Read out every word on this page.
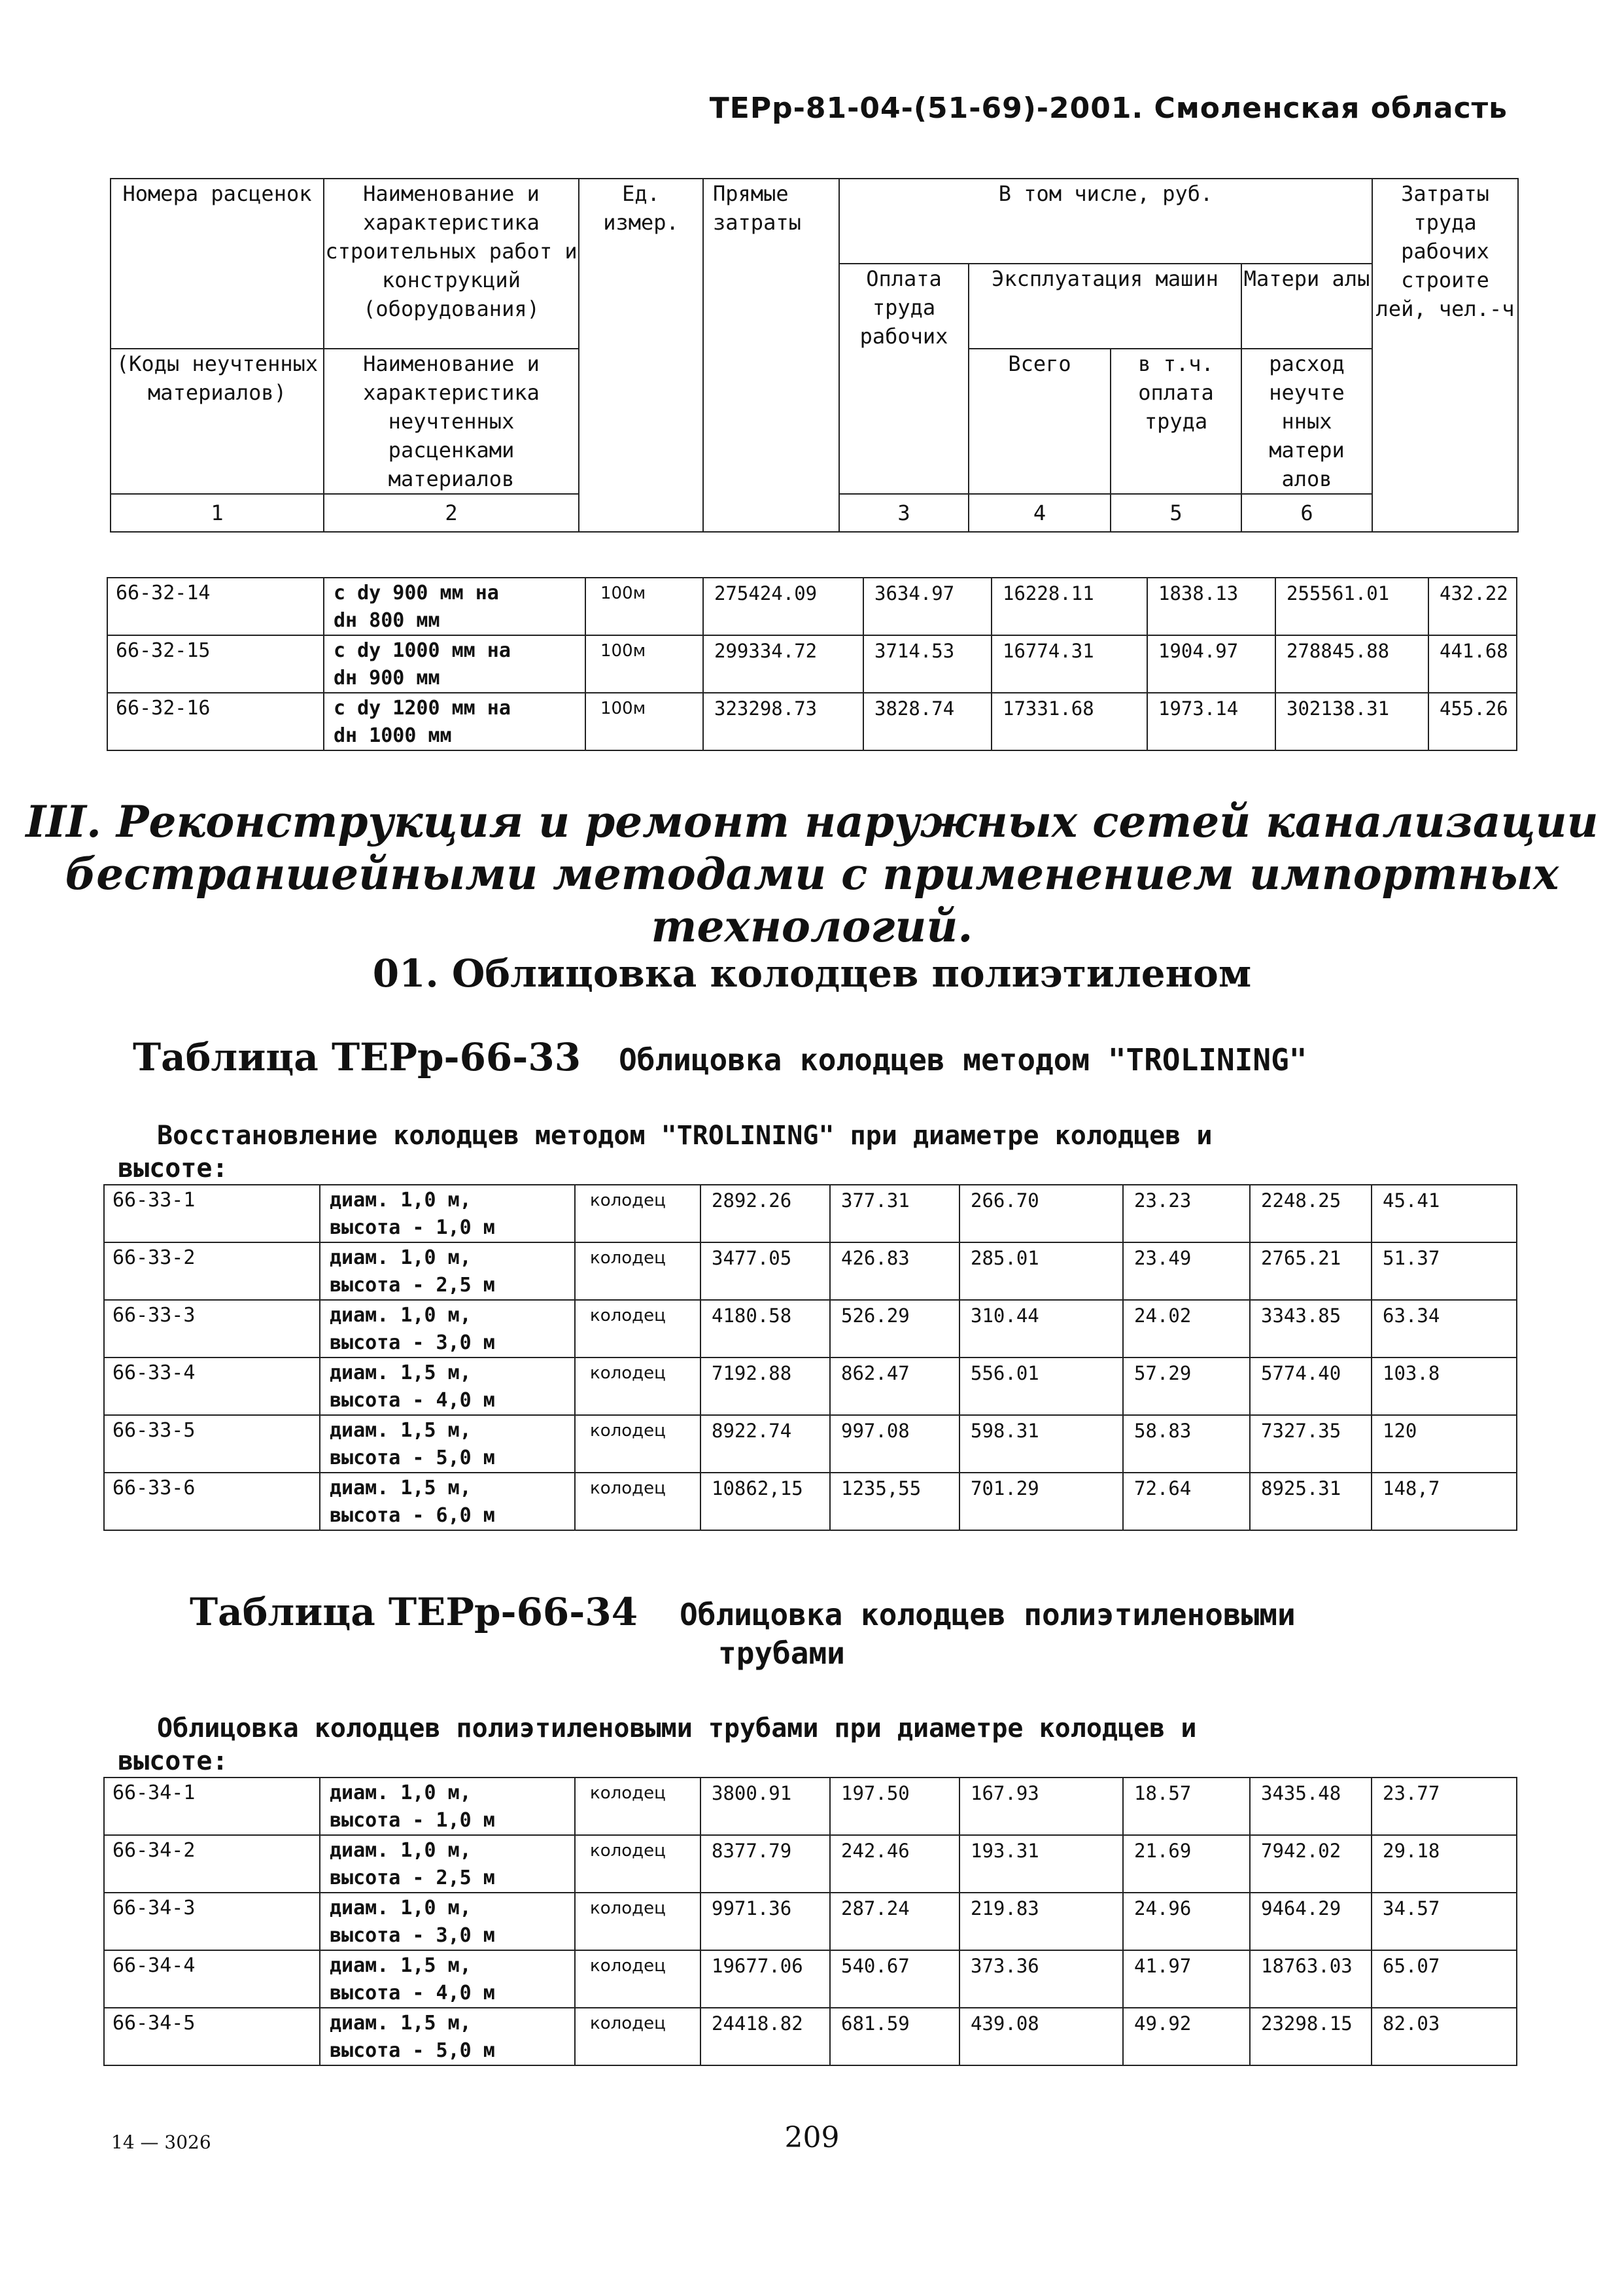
ТЕРр-81-04-(51-69)-2001. Смоленская область
Номера расценок	Наименование и характеристика строительных работ и конструкций (оборудования)	Ед. измер.	Прямые затраты	В том числе, руб.				Затраты труда рабочих строите лей, чел.-ч	
				Оплата труда рабочих	Эксплуатация машин		Матери алы		
(Коды неучтенных материалов)	Наименование и характеристика неучтенных расценками материалов				Всего	в т.ч. оплата труда	расход неучте нных матери алов		
1	2			3	4	5	6			
66-32-14	с dу 900 мм на
dн 800 мм	100м	275424.09	3634.97	16228.11	1838.13	255561.01	432.22
66-32-15	с dу 1000 мм на
dн 900 мм	100м	299334.72	3714.53	16774.31	1904.97	278845.88	441.68
66-32-16	с dу 1200 мм на
dн 1000 мм	100м	323298.73	3828.74	17331.68	1973.14	302138.31	455.26
III. Реконструкция и ремонт наружных сетей канализации
бестраншейными методами с применением импортных
технологий.
01. Облицовка колодцев полиэтиленом
Таблица ТЕРр-66-33 Облицовка колодцев методом "TROLINING"
Восстановление колодцев методом "TROLINING" при диаметре колодцев и
высоте:
66-33-1	диам. 1,0 м,
высота - 1,0 м	колодец	2892.26	377.31	266.70	23.23	2248.25	45.41
66-33-2	диам. 1,0 м,
высота - 2,5 м	колодец	3477.05	426.83	285.01	23.49	2765.21	51.37
66-33-3	диам. 1,0 м,
высота - 3,0 м	колодец	4180.58	526.29	310.44	24.02	3343.85	63.34
66-33-4	диам. 1,5 м,
высота - 4,0 м	колодец	7192.88	862.47	556.01	57.29	5774.40	103.8
66-33-5	диам. 1,5 м,
высота - 5,0 м	колодец	8922.74	997.08	598.31	58.83	7327.35	120
66-33-6	диам. 1,5 м,
высота - 6,0 м	колодец	10862,15	1235,55	701.29	72.64	8925.31	148,7
Таблица ТЕРр-66-34 Облицовка колодцев полиэтиленовыми
трубами
Облицовка колодцев полиэтиленовыми трубами при диаметре колодцев и
высоте:
66-34-1	диам. 1,0 м,
высота - 1,0 м	колодец	3800.91	197.50	167.93	18.57	3435.48	23.77
66-34-2	диам. 1,0 м,
высота - 2,5 м	колодец	8377.79	242.46	193.31	21.69	7942.02	29.18
66-34-3	диам. 1,0 м,
высота - 3,0 м	колодец	9971.36	287.24	219.83	24.96	9464.29	34.57
66-34-4	диам. 1,5 м,
высота - 4,0 м	колодец	19677.06	540.67	373.36	41.97	18763.03	65.07
66-34-5	диам. 1,5 м,
высота - 5,0 м	колодец	24418.82	681.59	439.08	49.92	23298.15	82.03
14 — 3026	209
